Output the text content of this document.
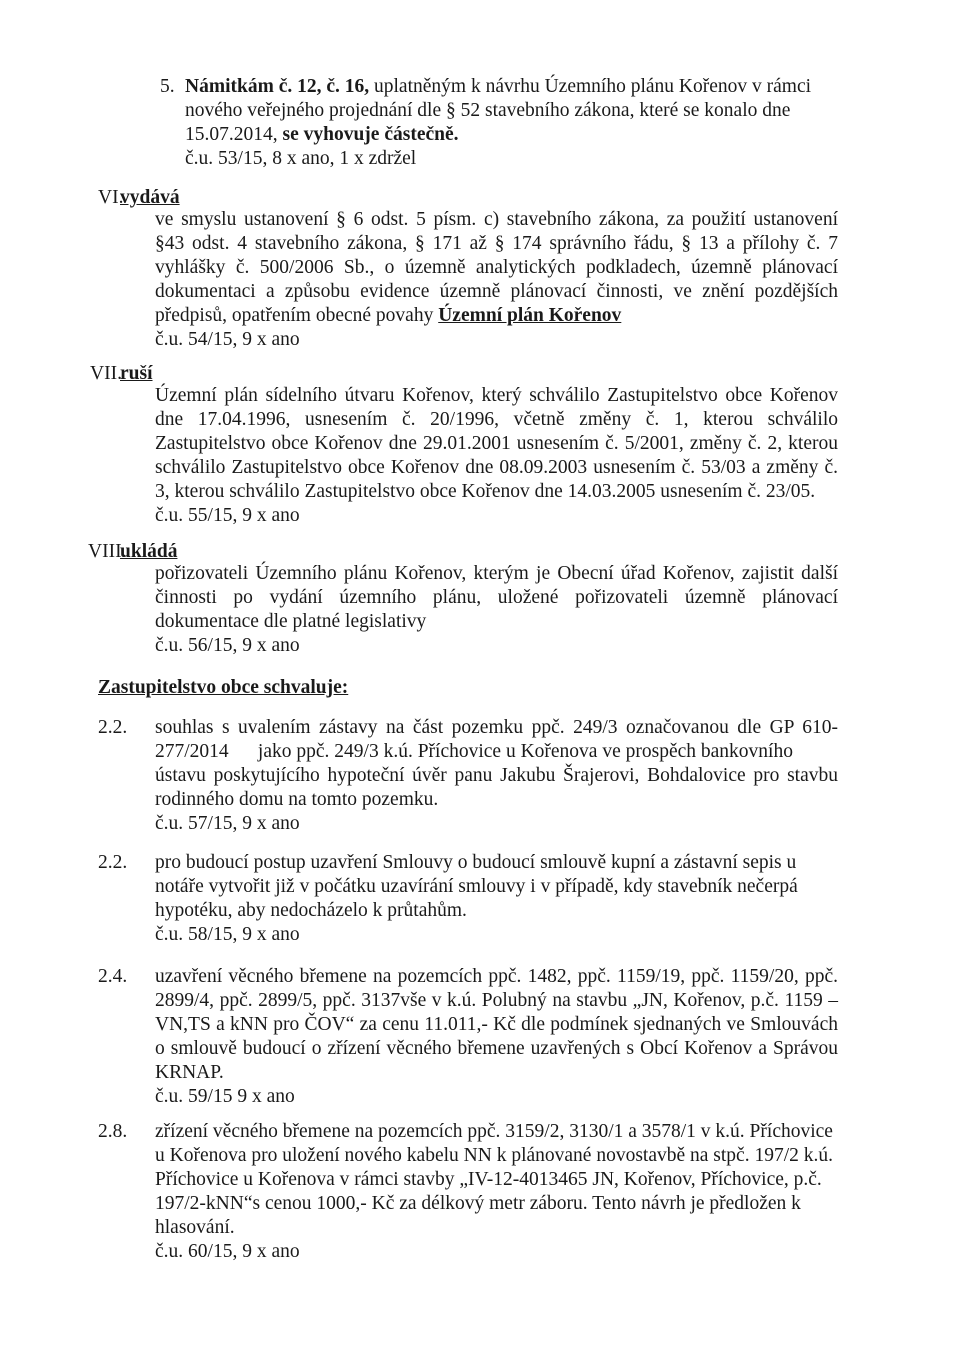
5. Námitkám č. 12, č. 16, uplatněným k návrhu Územního plánu Kořenov v rámci
nového veřejného projednání dle § 52 stavebního zákona, které se konalo dne
15.07.2014, se vyhovuje částečně.
č.u. 53/15, 8 x ano, 1 x zdržel
VI.
vydává
ve smyslu ustanovení § 6 odst. 5 písm. c) stavebního zákona, za použití ustanovení
§43 odst. 4 stavebního zákona, § 171 až § 174 správního řádu, § 13 a přílohy č. 7
vyhlášky č. 500/2006 Sb., o územně analytických podkladech, územně plánovací
dokumentaci a způsobu evidence územně plánovací činnosti, ve znění pozdějších
předpisů, opatřením obecné povahy Územní plán Kořenov
č.u. 54/15, 9 x ano
VII.
ruší
Územní plán sídelního útvaru Kořenov, který schválilo Zastupitelstvo obce Kořenov
dne 17.04.1996, usnesením č. 20/1996, včetně změny č. 1, kterou schválilo
Zastupitelstvo obce Kořenov dne 29.01.2001 usnesením č. 5/2001, změny č. 2, kterou
schválilo Zastupitelstvo obce Kořenov dne 08.09.2003 usnesením č. 53/03 a změny č.
3, kterou schválilo Zastupitelstvo obce Kořenov dne 14.03.2005 usnesením č. 23/05.
č.u. 55/15, 9 x ano
VIII.
ukládá
pořizovateli Územního plánu Kořenov, kterým je Obecní úřad Kořenov, zajistit další
činnosti po vydání územního plánu, uložené pořizovateli územně plánovací
dokumentace dle platné legislativy
č.u. 56/15, 9 x ano
Zastupitelstvo obce schvaluje:
2.2. souhlas s uvalením zástavy na část pozemku ppč. 249/3 označovanou dle GP 610-
277/2014      jako ppč. 249/3 k.ú. Příchovice u Kořenova ve prospěch bankovního
ústavu poskytujícího hypoteční úvěr panu Jakubu Šrajerovi, Bohdalovice pro stavbu
rodinného domu na tomto pozemku.
č.u. 57/15, 9 x ano
2.2. pro budoucí postup uzavření Smlouvy o budoucí smlouvě kupní a zástavní sepis u
notáře vytvořit již v počátku uzavírání smlouvy i v případě, kdy stavebník nečerpá
hypotéku, aby nedocházelo k průtahům.
č.u. 58/15, 9 x ano
2.4. uzavření věcného břemene na pozemcích ppč. 1482, ppč. 1159/19, ppč. 1159/20, ppč.
2899/4, ppč. 2899/5, ppč. 3137vše v k.ú. Polubný na stavbu „JN, Kořenov, p.č. 1159 –
VN,TS a kNN pro ČOV“ za cenu 11.011,- Kč dle podmínek sjednaných ve Smlouvách
o smlouvě budoucí o zřízení věcného břemene uzavřených s Obcí Kořenov a Správou
KRNAP.
č.u. 59/15 9 x ano
2.8. zřízení věcného břemene na pozemcích ppč. 3159/2, 3130/1 a 3578/1 v k.ú. Příchovice
u Kořenova pro uložení nového kabelu NN k plánované novostavbě na stpč. 197/2 k.ú.
Příchovice u Kořenova v rámci stavby „IV-12-4013465 JN, Kořenov, Příchovice, p.č.
197/2-kNN“s cenou 1000,- Kč za délkový metr záboru. Tento návrh je předložen k
hlasování.
č.u. 60/15, 9 x ano
